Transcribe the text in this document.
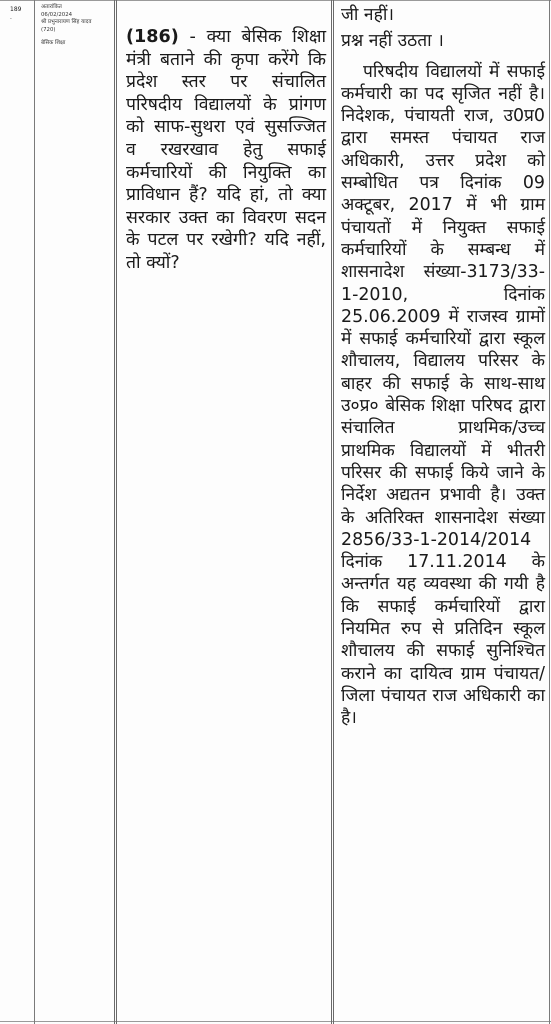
189
.
अतारांकित
06/02/2024
श्री प्रभुनारायण सिंह यादव
(720)
बेसिक शिक्षा	(186) - क्या बेसिक शिक्षा मंत्री बताने की कृपा करेंगे कि प्रदेश स्तर पर संचालित परिषदीय विद्यालयों के प्रांगण को साफ-सुथरा एवं सुसज्जित व रखरखाव हेतु सफाई कर्मचारियों की नियुक्ति का प्राविधान हैं? यदि हां, तो क्या सरकार उक्त का विवरण सदन के पटल पर रखेगी? यदि नहीं, तो क्यों?

जी नहीं।

प्रश्न नहीं उठता ।

परिषदीय विद्यालयों में सफाई कर्मचारी का पद सृजित नहीं है। निदेशक, पंचायती राज, उ0प्र0 द्वारा समस्त पंचायत राज अधिकारी, उत्तर प्रदेश को सम्बोधित पत्र दिनांक 09 अक्टूबर, 2017 में भी ग्राम पंचायतों में नियुक्त सफाई कर्मचारियों के सम्बन्ध में शासनादेश संख्या-3173/33-1-2010, दिनांक 25.06.2009 में राजस्व ग्रामों में सफाई कर्मचारियों द्वारा स्कूल शौचालय, विद्यालय परिसर के बाहर की सफाई के साथ-साथ उ०प्र० बेसिक शिक्षा परिषद द्वारा संचालित प्राथमिक/उच्च प्राथमिक विद्यालयों में भीतरी परिसर की सफाई किये जाने के निर्देश अद्यतन प्रभावी है। उक्त के अतिरिक्त शासनादेश संख्या 2856/33-1-2014/2014 दिनांक 17.11.2014 के अन्तर्गत यह व्यवस्था की गयी है कि सफाई कर्मचारियों द्वारा नियमित रुप से प्रतिदिन स्कूल शौचालय की सफाई सुनिश्चित कराने का दायित्व ग्राम पंचायत/जिला पंचायत राज अधिकारी का है।
